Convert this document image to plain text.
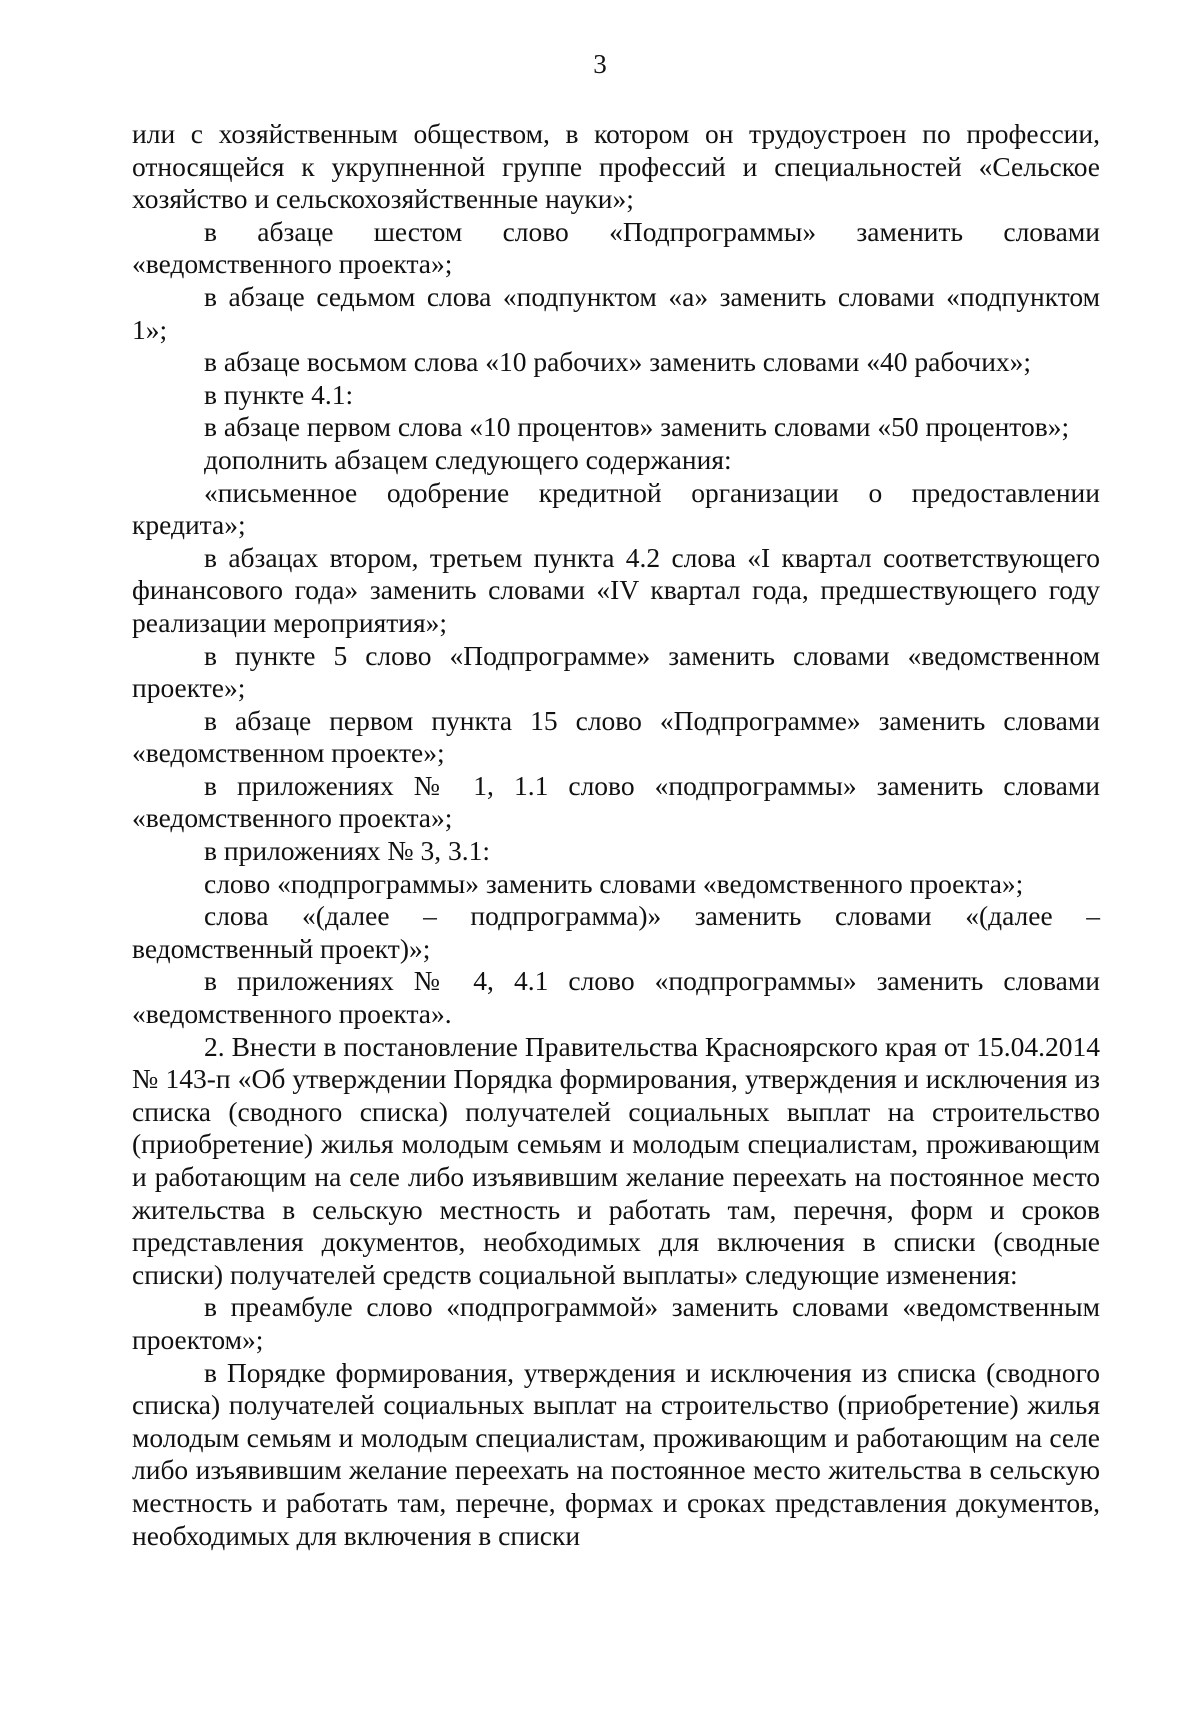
3

или с хозяйственным обществом, в котором он трудоустроен по профессии, относящейся к укрупненной группе профессий и специальностей «Сельское хозяйство и сельскохозяйственные науки»;

в абзаце шестом слово «Подпрограммы» заменить словами «ведомственного проекта»;

в абзаце седьмом слова «подпунктом «а» заменить словами «подпунктом 1»;

в абзаце восьмом слова «10 рабочих» заменить словами «40 рабочих»;

в пункте 4.1:

в абзаце первом слова «10 процентов» заменить словами «50 процентов»;

дополнить абзацем следующего содержания:

«письменное одобрение кредитной организации о предоставлении кредита»;

в абзацах втором, третьем пункта 4.2 слова «I квартал соответствующего финансового года» заменить словами «IV квартал года, предшествующего году реализации мероприятия»;

в пункте 5 слово «Подпрограмме» заменить словами «ведомственном проекте»;

в абзаце первом пункта 15 слово «Подпрограмме» заменить словами «ведомственном проекте»;

в приложениях № 1, 1.1 слово «подпрограммы» заменить словами «ведомственного проекта»;

в приложениях № 3, 3.1:

слово «подпрограммы» заменить словами «ведомственного проекта»;

слова «(далее – подпрограмма)» заменить словами «(далее – ведомственный проект)»;

в приложениях № 4, 4.1 слово «подпрограммы» заменить словами «ведомственного проекта».

2. Внести в постановление Правительства Красноярского края от 15.04.2014 № 143-п «Об утверждении Порядка формирования, утверждения и исключения из списка (сводного списка) получателей социальных выплат на строительство (приобретение) жилья молодым семьям и молодым специалистам, проживающим и работающим на селе либо изъявившим желание переехать на постоянное место жительства в сельскую местность и работать там, перечня, форм и сроков представления документов, необходимых для включения в списки (сводные списки) получателей средств социальной выплаты» следующие изменения:

в преамбуле слово «подпрограммой» заменить словами «ведомственным проектом»;

в Порядке формирования, утверждения и исключения из списка (сводного списка) получателей социальных выплат на строительство (приобретение) жилья молодым семьям и молодым специалистам, проживающим и работающим на селе либо изъявившим желание переехать на постоянное место жительства в сельскую местность и работать там, перечне, формах и сроках представления документов, необходимых для включения в списки
